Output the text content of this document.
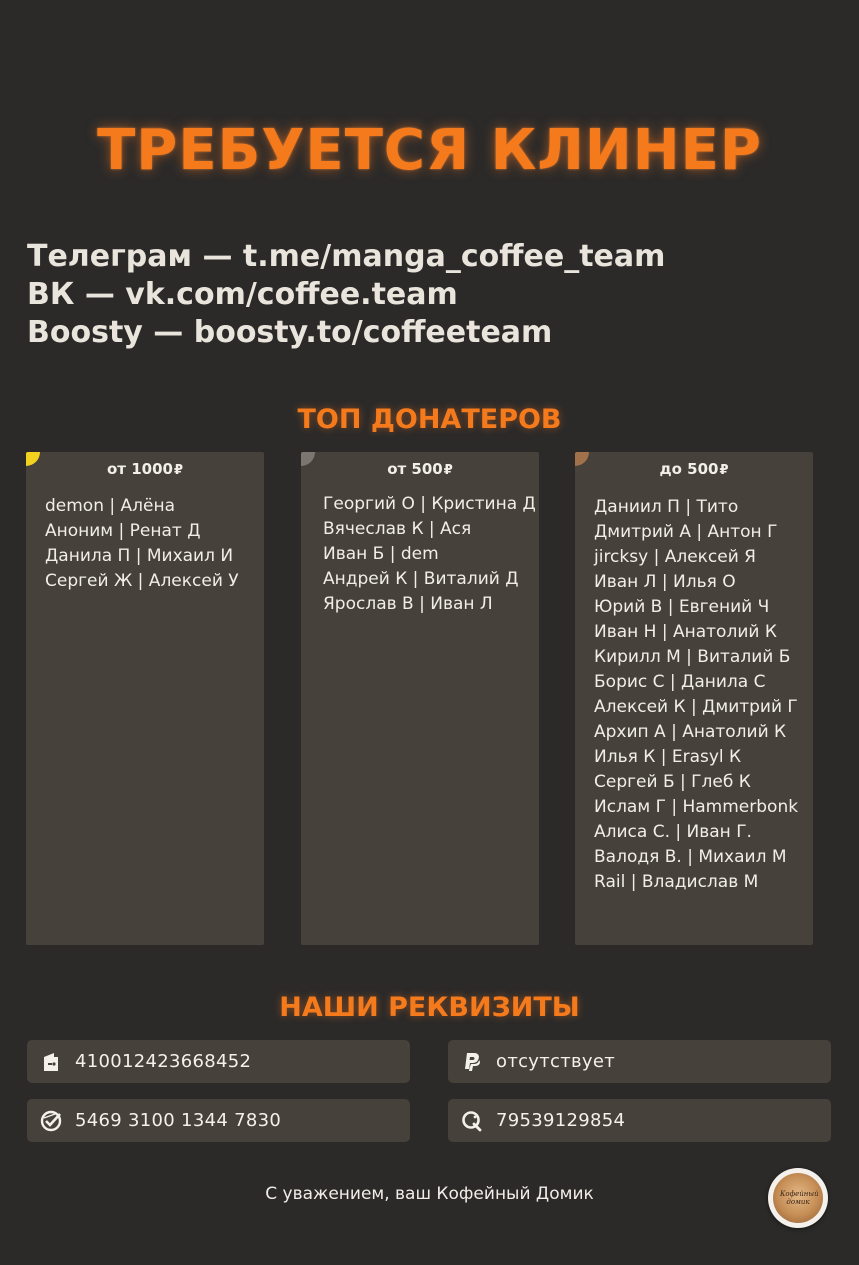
ТРЕБУЕТСЯ КЛИНЕР
Телеграм — t.me/manga_coffee_team
ВК — vk.com/coffee.team
Boosty — boosty.to/coffeeteam
ТОП ДОНАТЕРОВ
от 1000₽
demon | Алёна
Аноним | Ренат Д
Данила П | Михаил И
Сергей Ж | Алексей У
от 500₽
Георгий О | Кристина Д
Вячеслав К | Ася
Иван Б | dem
Андрей К | Виталий Д
Ярослав В | Иван Л
до 500₽
Даниил П | Тито
Дмитрий А | Антон Г
jircksy | Алексей Я
Иван Л | Илья О
Юрий В | Евгений Ч
Иван Н | Анатолий К
Кирилл М | Виталий Б
Борис С | Данила С
Алексей К | Дмитрий Г
Архип А | Анатолий К
Илья К | Erasyl К
Сергей Б | Глеб К
Ислам Г | Hammerbonk
Алиса С. | Иван Г.
Валодя В. | Михаил М
Rail | Владислав М
НАШИ РЕКВИЗИТЫ
410012423668452	отсутствует
5469 3100 1344 7830	79539129854
С уважением, ваш Кофейный Домик	Кофейный домик
